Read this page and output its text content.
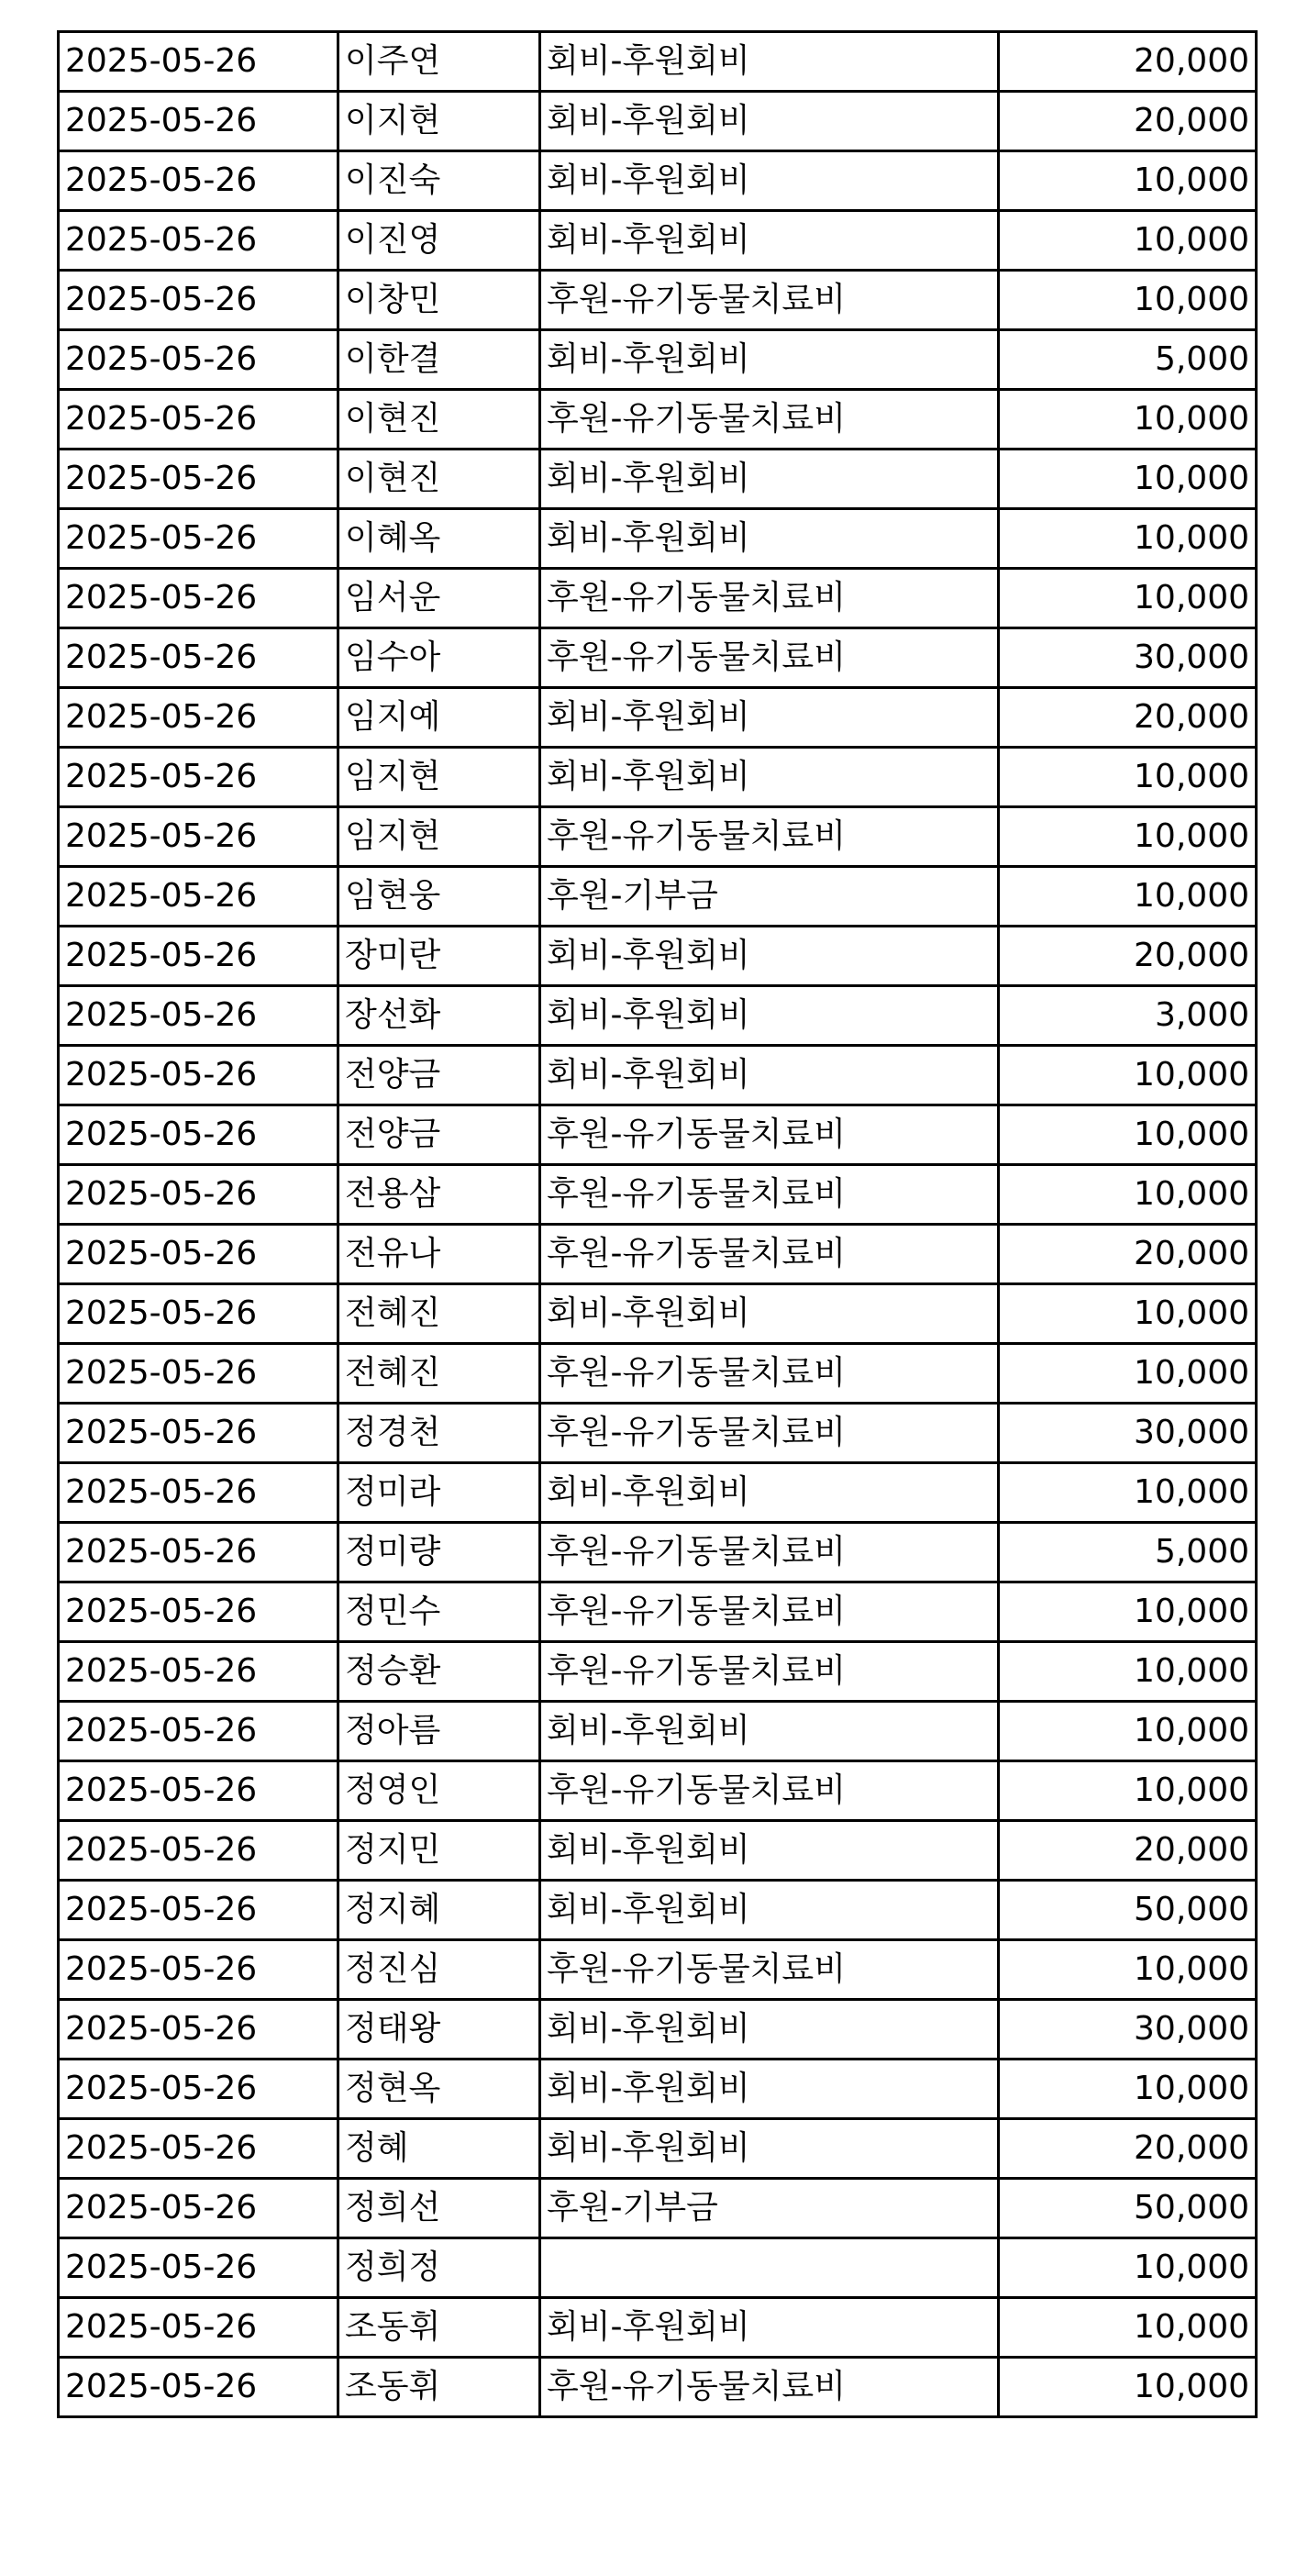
2025-05-26	이주연	회비-후원회비	20,000
2025-05-26	이지현	회비-후원회비	20,000
2025-05-26	이진숙	회비-후원회비	10,000
2025-05-26	이진영	회비-후원회비	10,000
2025-05-26	이창민	후원-유기동물치료비	10,000
2025-05-26	이한결	회비-후원회비	5,000
2025-05-26	이현진	후원-유기동물치료비	10,000
2025-05-26	이현진	회비-후원회비	10,000
2025-05-26	이혜옥	회비-후원회비	10,000
2025-05-26	임서운	후원-유기동물치료비	10,000
2025-05-26	임수아	후원-유기동물치료비	30,000
2025-05-26	임지예	회비-후원회비	20,000
2025-05-26	임지현	회비-후원회비	10,000
2025-05-26	임지현	후원-유기동물치료비	10,000
2025-05-26	임현웅	후원-기부금	10,000
2025-05-26	장미란	회비-후원회비	20,000
2025-05-26	장선화	회비-후원회비	3,000
2025-05-26	전양금	회비-후원회비	10,000
2025-05-26	전양금	후원-유기동물치료비	10,000
2025-05-26	전용삼	후원-유기동물치료비	10,000
2025-05-26	전유나	후원-유기동물치료비	20,000
2025-05-26	전혜진	회비-후원회비	10,000
2025-05-26	전혜진	후원-유기동물치료비	10,000
2025-05-26	정경천	후원-유기동물치료비	30,000
2025-05-26	정미라	회비-후원회비	10,000
2025-05-26	정미량	후원-유기동물치료비	5,000
2025-05-26	정민수	후원-유기동물치료비	10,000
2025-05-26	정승환	후원-유기동물치료비	10,000
2025-05-26	정아름	회비-후원회비	10,000
2025-05-26	정영인	후원-유기동물치료비	10,000
2025-05-26	정지민	회비-후원회비	20,000
2025-05-26	정지혜	회비-후원회비	50,000
2025-05-26	정진심	후원-유기동물치료비	10,000
2025-05-26	정태왕	회비-후원회비	30,000
2025-05-26	정현옥	회비-후원회비	10,000
2025-05-26	정혜	회비-후원회비	20,000
2025-05-26	정희선	후원-기부금	50,000
2025-05-26	정희정		10,000
2025-05-26	조동휘	회비-후원회비	10,000
2025-05-26	조동휘	후원-유기동물치료비	10,000
